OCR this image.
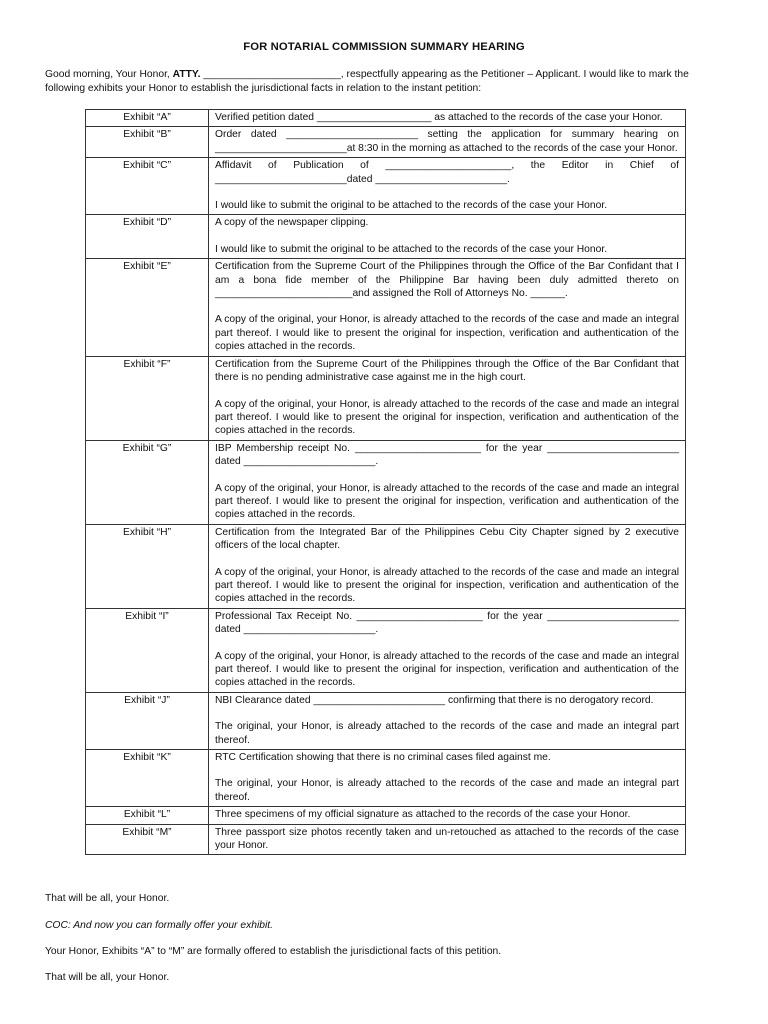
FOR NOTARIAL COMMISSION SUMMARY HEARING
Good morning, Your Honor, ATTY. ________________________, respectfully appearing as the Petitioner – Applicant. I would like to mark the following exhibits your Honor to establish the jurisdictional facts in relation to the instant petition:
Exhibit “A”	Verified petition dated ____________________ as attached to the records of the case your Honor.

Exhibit “B”	Order dated _______________________ setting the application for summary hearing on _______________________at 8:30 in the morning as attached to the records of the case your Honor.

Exhibit “C”	Affidavit of Publication of ______________________, the Editor in Chief of _______________________dated _______________________.

I would like to submit the original to be attached to the records of the case your Honor.

Exhibit “D”	A copy of the newspaper clipping.

I would like to submit the original to be attached to the records of the case your Honor.

Exhibit “E”	Certification from the Supreme Court of the Philippines through the Office of the Bar Confidant that I am a bona fide member of the Philippine Bar having been duly admitted thereto on ________________________and assigned the Roll of Attorneys No. ______.

A copy of the original, your Honor, is already attached to the records of the case and made an integral part thereof. I would like to present the original for inspection, verification and authentication of the copies attached in the records.

Exhibit “F”	Certification from the Supreme Court of the Philippines through the Office of the Bar Confidant that there is no pending administrative case against me in the high court.

A copy of the original, your Honor, is already attached to the records of the case and made an integral part thereof. I would like to present the original for inspection, verification and authentication of the copies attached in the records.

Exhibit “G”	IBP Membership receipt No. ______________________ for the year _______________________ dated _______________________.

A copy of the original, your Honor, is already attached to the records of the case and made an integral part thereof. I would like to present the original for inspection, verification and authentication of the copies attached in the records.

Exhibit “H”	Certification from the Integrated Bar of the Philippines Cebu City Chapter signed by 2 executive officers of the local chapter.

A copy of the original, your Honor, is already attached to the records of the case and made an integral part thereof. I would like to present the original for inspection, verification and authentication of the copies attached in the records.

Exhibit “I”	Professional Tax Receipt No. ______________________ for the year _______________________ dated _______________________.

A copy of the original, your Honor, is already attached to the records of the case and made an integral part thereof. I would like to present the original for inspection, verification and authentication of the copies attached in the records.

Exhibit “J”	NBI Clearance dated _______________________ confirming that there is no derogatory record.

The original, your Honor, is already attached to the records of the case and made an integral part thereof.

Exhibit “K”	RTC Certification showing that there is no criminal cases filed against me.

The original, your Honor, is already attached to the records of the case and made an integral part thereof.

Exhibit “L”	Three specimens of my official signature as attached to the records of the case your Honor.

Exhibit “M”	Three passport size photos recently taken and un-retouched as attached to the records of the case your Honor.

That will be all, your Honor.

COC: And now you can formally offer your exhibit.

Your Honor, Exhibits “A” to “M” are formally offered to establish the jurisdictional facts of this petition.

That will be all, your Honor.
